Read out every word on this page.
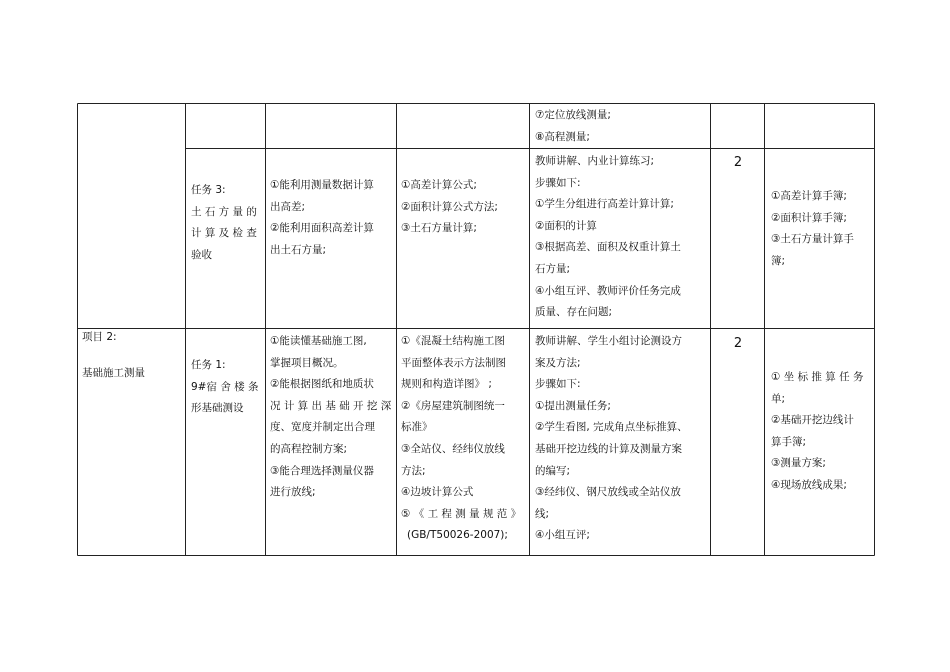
⑦定位放线测量;
⑧高程测量;
任务 3:
土 石 方 量 的
计 算 及 检 查
验收
①能利用测量数据计算
出高差;
②能利用面积高差计算
出土石方量;
①高差计算公式;
②面积计算公式方法;
③土石方量计算;
教师讲解、内业计算练习;
步骤如下:
①学生分组进行高差计算计算;
②面积的计算
③根据高差、面积及权重计算土
石方量;
④小组互评、教师评价任务完成
质量、存在问题;
2
①高差计算手簿;
②面积计算手簿;
③土石方量计算手
簿;
项目 2:
基础施工测量
任务 1:
9#宿 舍 楼 条
形基础测设
①能读懂基础施工图,
掌握项目概况。
②能根据图纸和地质状
况 计 算 出 基 础 开 挖 深
度、宽度并制定出合理
的高程控制方案;
③能合理选择测量仪器
进行放线;
①《混凝土结构施工图
平面整体表示方法制图
规则和构造详图》 ;
②《房屋建筑制图统一
标准》
③全站仪、经纬仪放线
方法;
④边坡计算公式
⑤ 《 工 程 测 量 规 范 》
(GB/T50026-2007);
教师讲解、学生小组讨论测设方
案及方法;
步骤如下:
①提出测量任务;
②学生看图, 完成角点坐标推算、
基础开挖边线的计算及测量方案
的编写;
③经纬仪、钢尺放线或全站仪放
线;
④小组互评;
2
① 坐 标 推 算 任 务
单;
②基础开挖边线计
算手簿;
③测量方案;
④现场放线成果;
